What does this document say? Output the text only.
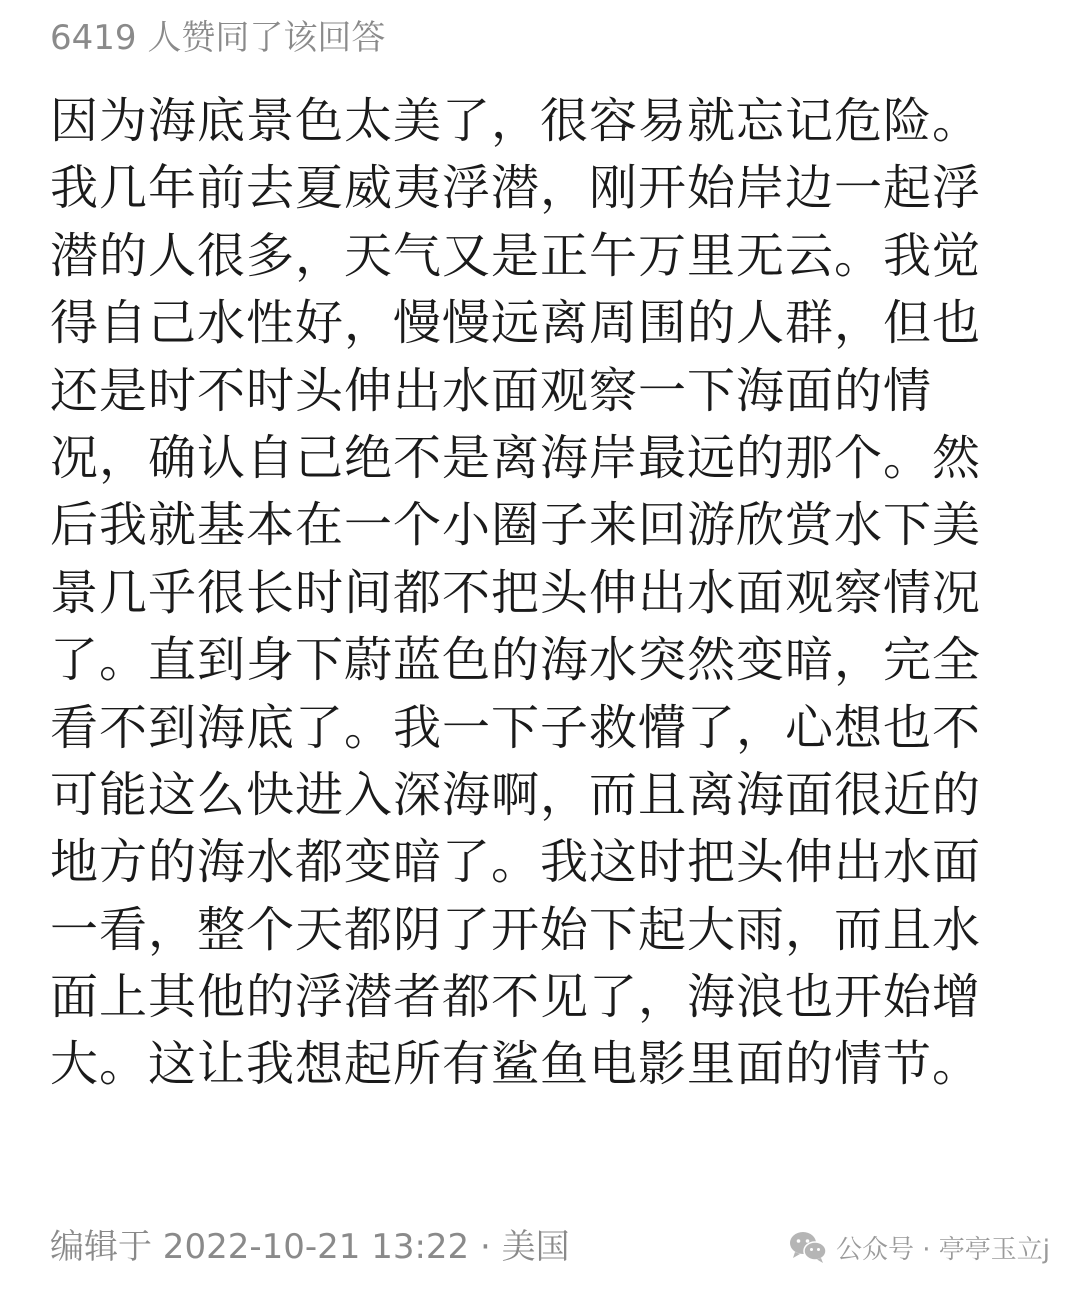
6419 人赞同了该回答
因为海底景色太美了，很容易就忘记危险。
我几年前去夏威夷浮潜，刚开始岸边一起浮
潜的人很多，天气又是正午万里无云。我觉
得自己水性好，慢慢远离周围的人群，但也
还是时不时头伸出水面观察一下海面的情
况，确认自己绝不是离海岸最远的那个。然
后我就基本在一个小圈子来回游欣赏水下美
景几乎很长时间都不把头伸出水面观察情况
了。直到身下蔚蓝色的海水突然变暗，完全
看不到海底了。我一下子救懵了，心想也不
可能这么快进入深海啊，而且离海面很近的
地方的海水都变暗了。我这时把头伸出水面
一看，整个天都阴了开始下起大雨，而且水
面上其他的浮潜者都不见了，海浪也开始增
大。这让我想起所有鲨鱼电影里面的情节。
编辑于 2022-10-21 13:22 · 美国	公众号 · 亭亭玉立j
